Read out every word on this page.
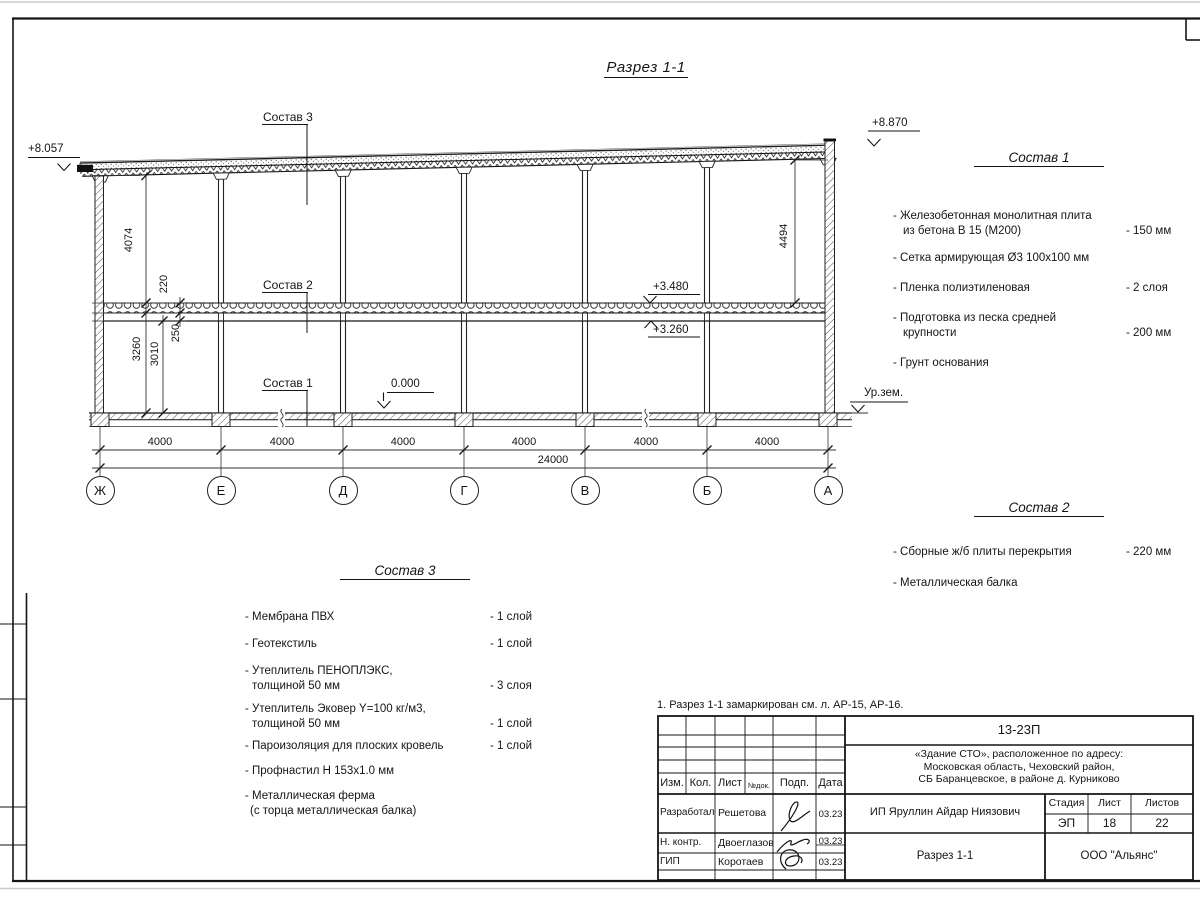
Разрез 1-1
Состав 3
Состав 2
Состав 1
+8.057
+8.870
0.000
+3.480
+3.260
Ур.зем.
4074
3260 3010
220
250
4494
4000	4000	4000	4000	4000	4000
24000
Ж	Е	Д	Г	В	Б	А
Состав 1
- Железобетонная монолитная плита
из бетона В 15 (М200)	- 150 мм
- Сетка армирующая Ø3 100x100 мм
- Пленка полиэтиленовая	- 2 слоя
- Подготовка из песка средней
крупности	- 200 мм
- Грунт основания
Состав 2
- Сборные ж/б плиты перекрытия	- 220 мм
- Металлическая балка
Состав 3
- Мембрана ПВХ	- 1 слой
- Геотекстиль	- 1 слой
- Утеплитель ПЕНОПЛЭКС,
толщиной 50 мм	- 3 слоя
- Утеплитель Эковер Y=100 кг/м3,
толщиной 50 мм	- 1 слой
- Пароизоляция для плоских кровель	- 1 слой
- Профнастил Н 153x1.0 мм
- Металлическая ферма
(с торца металлическая балка)
1. Разрез 1-1 замаркирован см. л. АР-15, АР-16.
13-23П
«Здание СТО», расположенное по адресу:
Московская область, Чеховский район,
СБ Баранцевское, в районе д. Курниково
Изм. Кол. Лист №док. Подп. Дата
Разработал Решетова	03.23
Н. контр. Двоеглазов	03.23
ГИП	Коротаев	03.23
ИП Яруллин Айдар Ниязович
Разрез 1-1	ООО "Альянс"
Стадия	Лист	Листов
ЭП	18	22
